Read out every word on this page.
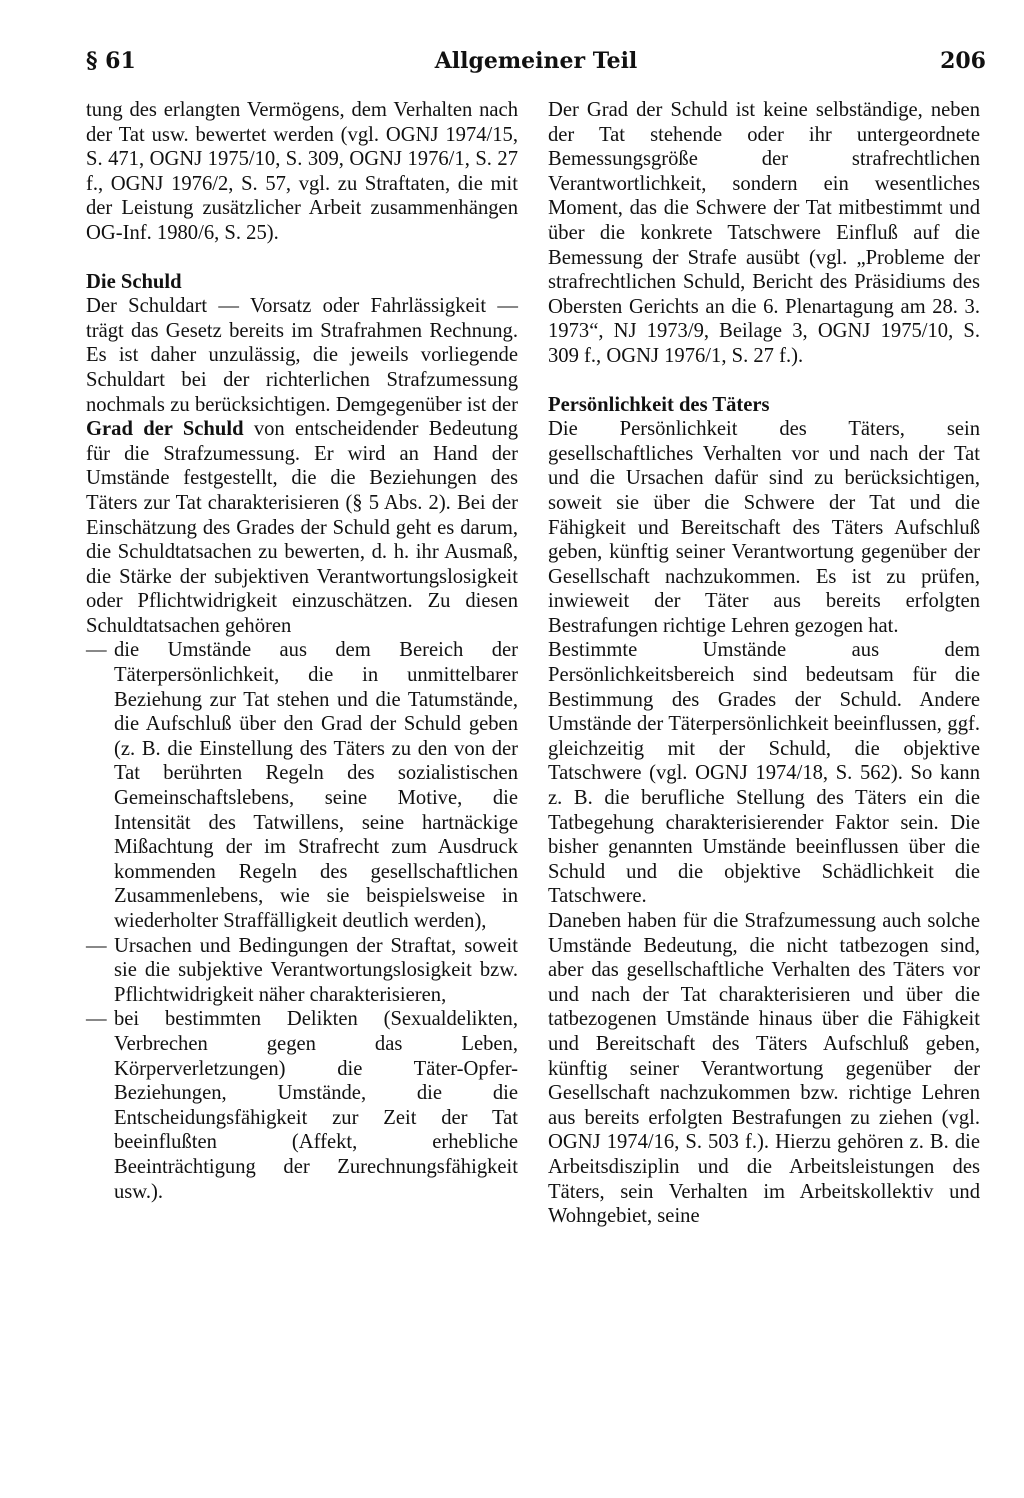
§ 61	Allgemeiner Teil	206

tung des erlangten Vermögens, dem Verhalten nach der Tat usw. bewertet werden (vgl. OGNJ 1974/15, S. 471, OGNJ 1975/10, S. 309, OGNJ 1976/1, S. 27 f., OGNJ 1976/2, S. 57, vgl. zu Straftaten, die mit der Leistung zusätzlicher Arbeit zusammenhängen OG-Inf. 1980/6, S. 25).

Die Schuld

Der Schuldart — Vorsatz oder Fahrlässigkeit — trägt das Gesetz bereits im Strafrahmen Rechnung. Es ist daher unzulässig, die jeweils vorliegende Schuldart bei der richterlichen Strafzumessung nochmals zu berücksichtigen. Demgegenüber ist der Grad der Schuld von entscheidender Bedeutung für die Strafzumessung. Er wird an Hand der Umstände festgestellt, die die Beziehungen des Täters zur Tat charakterisieren (§ 5 Abs. 2). Bei der Einschätzung des Grades der Schuld geht es darum, die Schuldtatsachen zu bewerten, d. h. ihr Ausmaß, die Stärke der subjektiven Verantwortungslosigkeit oder Pflichtwidrigkeit einzuschätzen. Zu diesen Schuldtatsachen gehören

— die Umstände aus dem Bereich der Täterpersönlichkeit, die in unmittelbarer Beziehung zur Tat stehen und die Tatumstände, die Aufschluß über den Grad der Schuld geben (z. B. die Einstellung des Täters zu den von der Tat berührten Regeln des sozialistischen Gemeinschaftslebens, seine Motive, die Intensität des Tatwillens, seine hartnäckige Mißachtung der im Strafrecht zum Ausdruck kommenden Regeln des gesellschaftlichen Zusammenlebens, wie sie beispielsweise in wiederholter Straffälligkeit deutlich werden),
— Ursachen und Bedingungen der Straftat, soweit sie die subjektive Verantwortungslosigkeit bzw. Pflichtwidrigkeit näher charakterisieren,
— bei bestimmten Delikten (Sexualdelikten, Verbrechen gegen das Leben, Körperverletzungen) die Täter-Opfer-Beziehungen, Umstände, die die Entscheidungsfähigkeit zur Zeit der Tat beeinflußten (Affekt, erhebliche Beeinträchtigung der Zurechnungsfähigkeit usw.).

Der Grad der Schuld ist keine selbständige, neben der Tat stehende oder ihr untergeordnete Bemessungsgröße der strafrechtlichen Verantwortlichkeit, sondern ein wesentliches Moment, das die Schwere der Tat mitbestimmt und über die konkrete Tatschwere Einfluß auf die Bemessung der Strafe ausübt (vgl. „Probleme der strafrechtlichen Schuld, Bericht des Präsidiums des Obersten Gerichts an die 6. Plenartagung am 28. 3. 1973“, NJ 1973/9, Beilage 3, OGNJ 1975/10, S. 309 f., OGNJ 1976/1, S. 27 f.).

Persönlichkeit des Täters

Die Persönlichkeit des Täters, sein gesellschaftliches Verhalten vor und nach der Tat und die Ursachen dafür sind zu berücksichtigen, soweit sie über die Schwere der Tat und die Fähigkeit und Bereitschaft des Täters Aufschluß geben, künftig seiner Verantwortung gegenüber der Gesellschaft nachzukommen. Es ist zu prüfen, inwieweit der Täter aus bereits erfolgten Bestrafungen richtige Lehren gezogen hat.

Bestimmte Umstände aus dem Persönlichkeitsbereich sind bedeutsam für die Bestimmung des Grades der Schuld. Andere Umstände der Täterpersönlichkeit beeinflussen, ggf. gleichzeitig mit der Schuld, die objektive Tatschwere (vgl. OGNJ 1974/18, S. 562). So kann z. B. die berufliche Stellung des Täters ein die Tatbegehung charakterisierender Faktor sein. Die bisher genannten Umstände beeinflussen über die Schuld und die objektive Schädlichkeit die Tatschwere.

Daneben haben für die Strafzumessung auch solche Umstände Bedeutung, die nicht tatbezogen sind, aber das gesellschaftliche Verhalten des Täters vor und nach der Tat charakterisieren und über die tatbezogenen Umstände hinaus über die Fähigkeit und Bereitschaft des Täters Aufschluß geben, künftig seiner Verantwortung gegenüber der Gesellschaft nachzukommen bzw. richtige Lehren aus bereits erfolgten Bestrafungen zu ziehen (vgl. OGNJ 1974/16, S. 503 f.). Hierzu gehören z. B. die Arbeitsdisziplin und die Arbeitsleistungen des Täters, sein Verhalten im Arbeitskollektiv und Wohngebiet, seine
